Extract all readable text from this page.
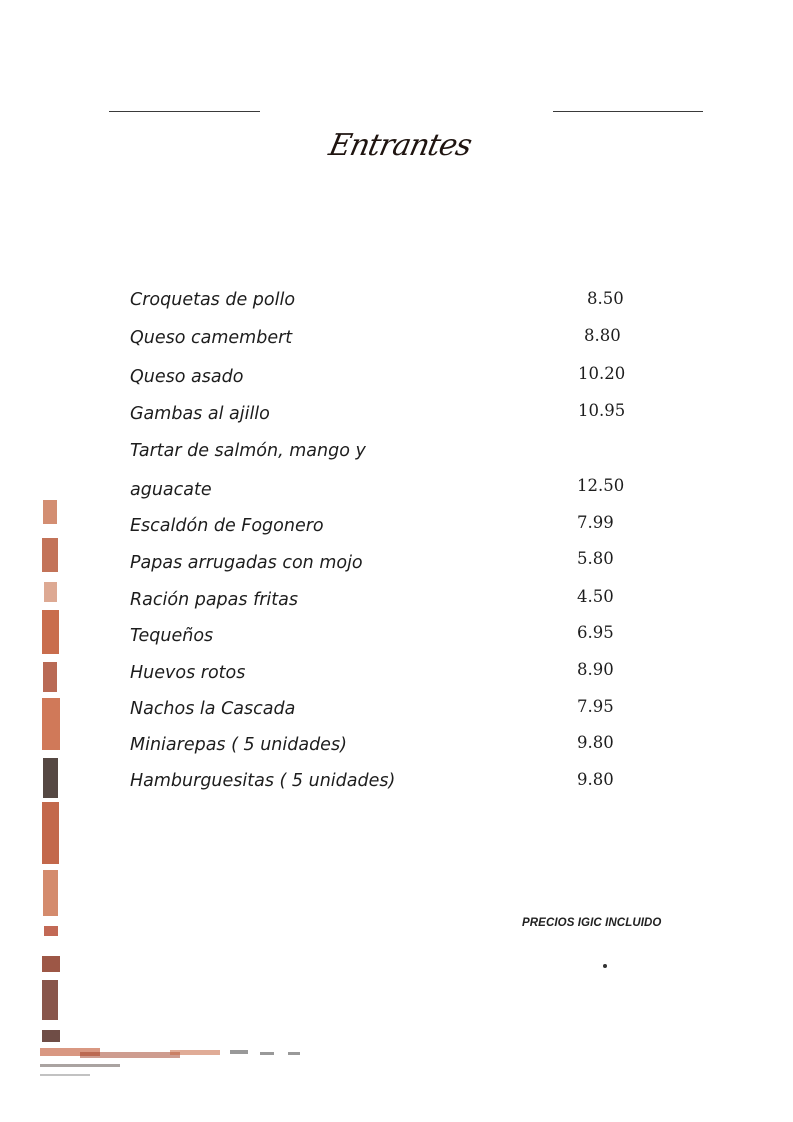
Entrantes
Croquetas de pollo	8.50
Queso camembert	8.80
Queso asado	10.20
Gambas al ajillo	10.95
Tartar de salmón, mango y
aguacate	12.50
Escaldón de Fogonero	7.99
Papas arrugadas con mojo	5.80
Ración papas fritas	4.50
Tequeños	6.95
Huevos rotos	8.90
Nachos la Cascada	7.95
Miniarepas ( 5 unidades)	9.80
Hamburguesitas ( 5 unidades)	9.80
PRECIOS IGIC INCLUIDO
